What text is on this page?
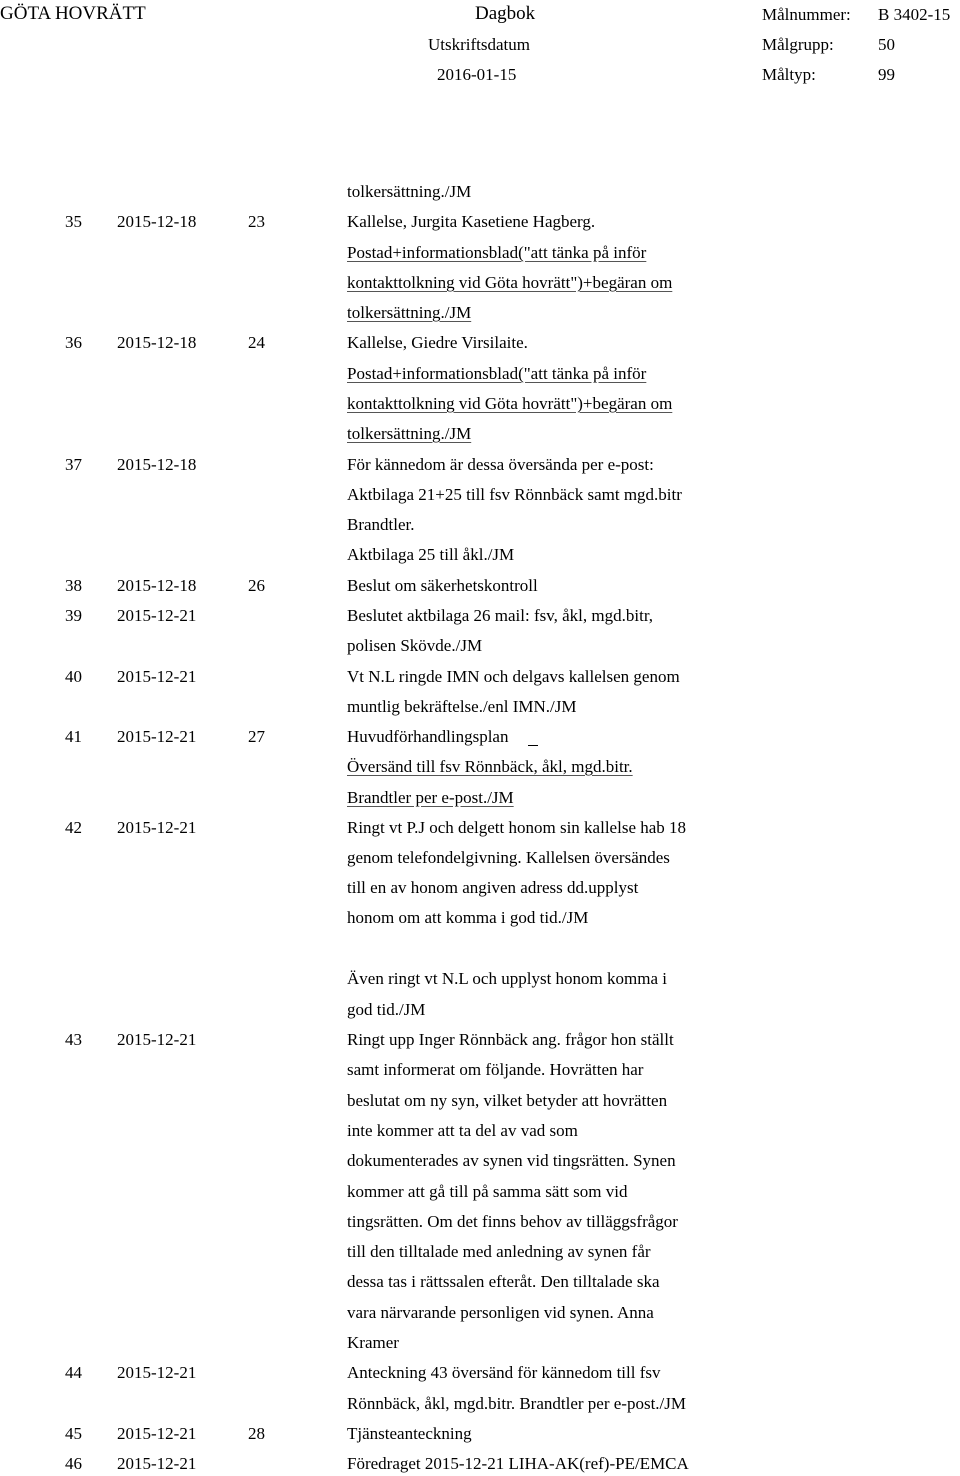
GÖTA HOVRÄTT	Dagbok
Utskriftsdatum
2016-01-15
Målnummer: B 3402-15
Målgrupp:	50
Måltyp:	99
tolkersättning./JM
35 2015-12-18	23	Kallelse, Jurgita Kasetiene Hagberg.
Postad+informationsblad("att tänka på inför
kontakttolkning vid Göta hovrätt")+begäran om
tolkersättning./JM
36 2015-12-18	24	Kallelse, Giedre Virsilaite.
Postad+informationsblad("att tänka på inför
kontakttolkning vid Göta hovrätt")+begäran om
tolkersättning./JM
37 2015-12-18	För kännedom är dessa översända per e-post:
Aktbilaga 21+25 till fsv Rönnbäck samt mgd.bitr
Brandtler.
Aktbilaga 25 till åkl./JM
38 2015-12-18	26	Beslut om säkerhetskontroll
39 2015-12-21	Beslutet aktbilaga 26 mail: fsv, åkl, mgd.bitr,
polisen Skövde./JM
40 2015-12-21	Vt N.L ringde IMN och delgavs kallelsen genom
muntlig bekräftelse./enl IMN./JM
41 2015-12-21	27	Huvudförhandlingsplan
Översänd till fsv Rönnbäck, åkl, mgd.bitr.
Brandtler per e-post./JM
42 2015-12-21	Ringt vt P.J och delgett honom sin kallelse hab 18
genom telefondelgivning. Kallelsen översändes
till en av honom angiven adress dd.upplyst
honom om att komma i god tid./JM
Även ringt vt N.L och upplyst honom komma i
god tid./JM
43 2015-12-21	Ringt upp Inger Rönnbäck ang. frågor hon ställt
samt informerat om följande. Hovrätten har
beslutat om ny syn, vilket betyder att hovrätten
inte kommer att ta del av vad som
dokumenterades av synen vid tingsrätten. Synen
kommer att gå till på samma sätt som vid
tingsrätten. Om det finns behov av tilläggsfrågor
till den tilltalade med anledning av synen får
dessa tas i rättssalen efteråt. Den tilltalade ska
vara närvarande personligen vid synen. Anna
Kramer
44 2015-12-21	Anteckning 43 översänd för kännedom till fsv
Rönnbäck, åkl, mgd.bitr. Brandtler per e-post./JM
45 2015-12-21	28	Tjänsteanteckning
46 2015-12-21	Föredraget 2015-12-21 LIHA-AK(ref)-PE/EMCA
